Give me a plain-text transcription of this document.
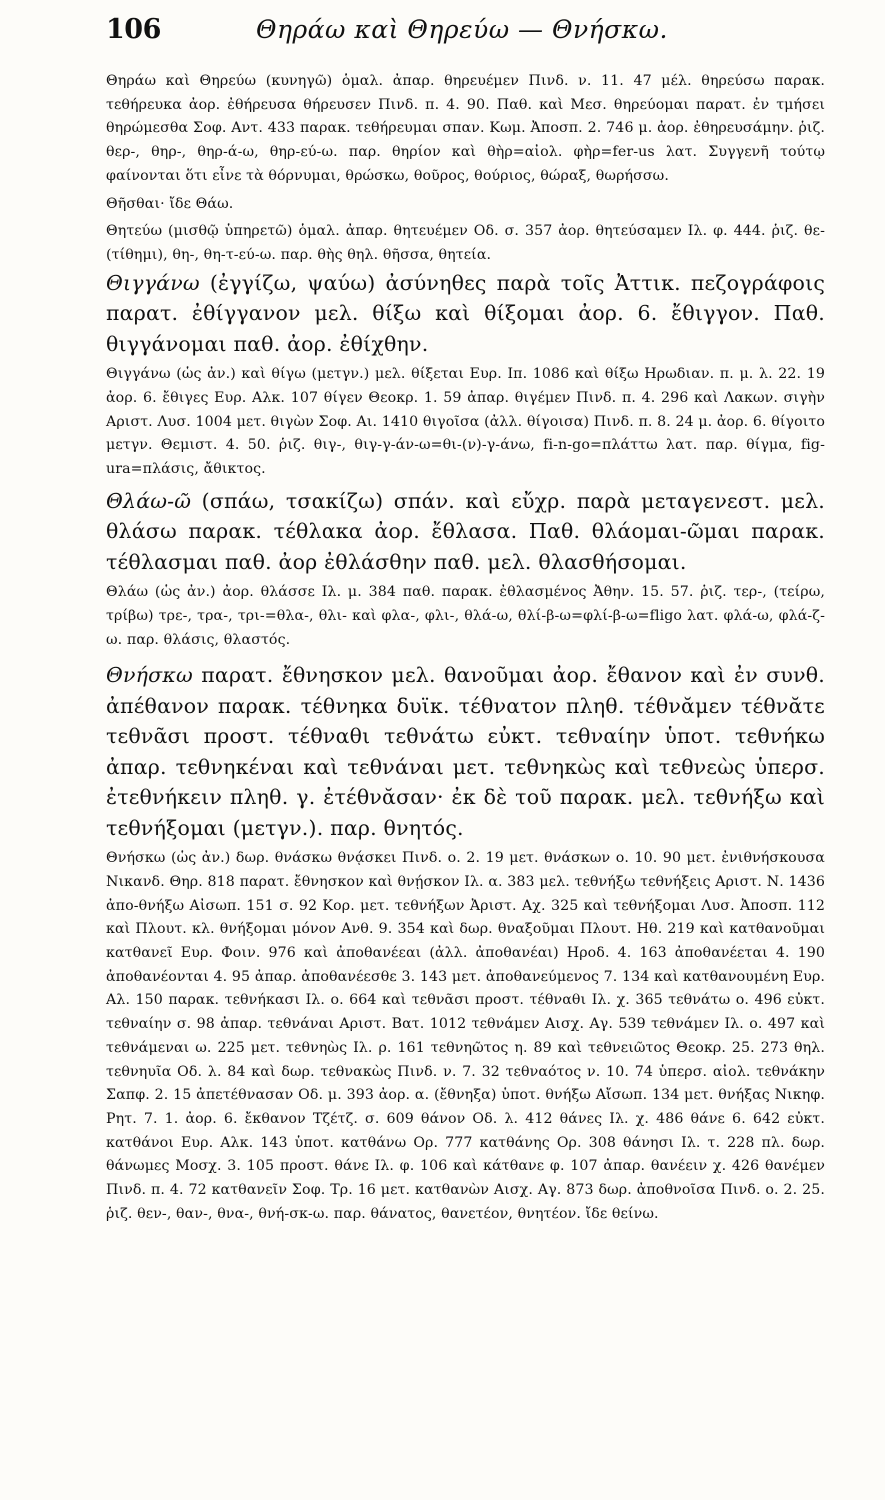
106	Θηράω καὶ Θηρεύω — Θνήσκω.

Θηράω καὶ Θηρεύω (κυνηγῶ) ὁμαλ. ἀπαρ. θηρευέμεν Πινδ. ν. 11. 47 μέλ. θηρεύσω παρακ. τεθήρευκα ἀορ. ἐθήρευσα θήρευσεν Πινδ. π. 4. 90. Παθ. καὶ Μεσ. θηρεύομαι παρατ. ἐν τμήσει θηρώμεσθα Σοφ. Αντ. 433 παρακ. τεθήρευμαι σπαν. Κωμ. Ἀποσπ. 2. 746 μ. ἀορ. ἐθηρευσάμην. ῥιζ. θερ-, θηρ-, θηρ-ά-ω, θηρ-εύ-ω. παρ. θηρίον καὶ θὴρ=αἰολ. φὴρ=fer-us λατ. Συγγενῆ τούτῳ φαίνονται ὅτι εἶνε τὰ θόρνυμαι, θρώσκω, θοῦρος, θούριος, θώραξ, θωρήσσω.

Θῆσθαι· ἴδε Θάω.

Θητεύω (μισθῷ ὑπηρετῶ) ὁμαλ. ἀπαρ. θητευέμεν Οδ. σ. 357 ἀορ. θητεύσαμεν Ιλ. φ. 444. ῥιζ. θε- (τίθημι), θη-, θη-τ-εύ-ω. παρ. θὴς θηλ. θῆσσα, θητεία.

Θιγγάνω (ἐγγίζω, ψαύω) ἀσύνηθες παρὰ τοῖς Ἀττικ. πεζογράφοις παρατ. ἐθίγγανον μελ. θίξω καὶ θίξομαι ἀορ. 6. ἔθιγγον. Παθ. θιγγάνομαι παθ. ἀορ. ἐθίχθην.

Θιγγάνω (ὡς ἀν.) καὶ θίγω (μετγν.) μελ. θίξεται Ευρ. Ιπ. 1086 καὶ θίξω Ηρωδιαν. π. μ. λ. 22. 19 ἀορ. 6. ἔθιγες Ευρ. Αλκ. 107 θίγεν Θεοκρ. 1. 59 ἀπαρ. θιγέμεν Πινδ. π. 4. 296 καὶ Λακων. σιγὴν Αριστ. Λυσ. 1004 μετ. θιγὼν Σοφ. Αι. 1410 θιγοῖσα (ἀλλ. θίγοισα) Πινδ. π. 8. 24 μ. ἀορ. 6. θίγοιτο μετγν. Θεμιστ. 4. 50. ῥιζ. θιγ-, θιγ-γ-άν-ω=θι-(ν)-γ-άνω, fi-n-go=πλάττω λατ. παρ. θίγμα, fig-ura=πλάσις, ἄθικτος.

Θλάω-ῶ (σπάω, τσακίζω) σπάν. καὶ εὔχρ. παρὰ μεταγενεστ. μελ. θλάσω παρακ. τέθλακα ἀορ. ἔθλασα. Παθ. θλάομαι-ῶμαι παρακ. τέθλασμαι παθ. ἀορ ἐθλάσθην παθ. μελ. θλασθήσομαι.

Θλάω (ὡς ἀν.) ἀορ. θλάσσε Ιλ. μ. 384 παθ. παρακ. ἐθλασμένος Ἀθην. 15. 57. ῥιζ. τερ-, (τείρω, τρίβω) τρε-, τρα-, τρι-=θλα-, θλι- καὶ φλα-, φλι-, θλά-ω, θλί-β-ω=φλί-β-ω=fligo λατ. φλά-ω, φλά-ζ-ω. παρ. θλάσις, θλαστός.

Θνήσκω παρατ. ἔθνησκον μελ. θανοῦμαι ἀορ. ἔθανον καὶ ἐν συνθ. ἀπέθανον παρακ. τέθνηκα δυϊκ. τέθνατον πληθ. τέθνᾰμεν τέθνᾰτε τεθνᾶσι προστ. τέθναθι τεθνάτω εὐκτ. τεθναίην ὑποτ. τεθνήκω ἀπαρ. τεθνηκέναι καὶ τεθνάναι μετ. τεθνηκὼς καὶ τεθνεὼς ὑπερσ. ἐτεθνήκειν πληθ. γ. ἐτέθνᾰσαν· ἐκ δὲ τοῦ παρακ. μελ. τεθνήξω καὶ τεθνήξομαι (μετγν.). παρ. θνητός.

Θνήσκω (ὡς ἀν.) δωρ. θνάσκω θνᾴσκει Πινδ. ο. 2. 19 μετ. θνάσκων ο. 10. 90 μετ. ἐνιθνήσκουσα Νικανδ. Θηρ. 818 παρατ. ἔθνησκον καὶ θνῄσκον Ιλ. α. 383 μελ. τεθνήξω τεθνήξεις Αριστ. Ν. 1436 ἀπο-θνήξω Αἰσωπ. 151 σ. 92 Κορ. μετ. τεθνήξων Ἀριστ. Αχ. 325 καὶ τεθνήξομαι Λυσ. Ἀποσπ. 112 καὶ Πλουτ. κλ. θνήξομαι μόνον Ανθ. 9. 354 καὶ δωρ. θναξοῦμαι Πλουτ. Ηθ. 219 καὶ κατθανοῦμαι κατθανεῖ Ευρ. Φοιν. 976 καὶ ἀποθανέεαι (ἀλλ. ἀποθανέαι) Ηροδ. 4. 163 ἀποθανέεται 4. 190 ἀποθανέονται 4. 95 ἀπαρ. ἀποθανέεσθε 3. 143 μετ. ἀποθανεύμενος 7. 134 καὶ κατθανουμένη Ευρ. Αλ. 150 παρακ. τεθνήκασι Ιλ. ο. 664 καὶ τεθνᾶσι προστ. τέθναθι Ιλ. χ. 365 τεθνάτω ο. 496 εὐκτ. τεθναίην σ. 98 ἀπαρ. τεθνάναι Αριστ. Βατ. 1012 τεθνάμεν Αισχ. Αγ. 539 τεθνάμεν Ιλ. ο. 497 καὶ τεθνάμεναι ω. 225 μετ. τεθνηὼς Ιλ. ρ. 161 τεθνηῶτος η. 89 καὶ τεθνειῶτος Θεοκρ. 25. 273 θηλ. τεθνηυῖα Οδ. λ. 84 καὶ δωρ. τεθνακὼς Πινδ. ν. 7. 32 τεθναότος ν. 10. 74 ὑπερσ. αἰολ. τεθνάκην Σαπφ. 2. 15 ἀπετέθνασαν Οδ. μ. 393 ἀορ. α. (ἔθνηξα) ὑποτ. θνήξω Αἴσωπ. 134 μετ. θνήξας Νικηφ. Ρητ. 7. 1. ἀορ. 6. ἔκθανον Τζέτζ. σ. 609 θάνον Οδ. λ. 412 θάνες Ιλ. χ. 486 θάνε 6. 642 εὐκτ. κατθάνοι Ευρ. Αλκ. 143 ὑποτ. κατθάνω Ορ. 777 κατθάνης Ορ. 308 θάνησι Ιλ. τ. 228 πλ. δωρ. θάνωμες Μοσχ. 3. 105 προστ. θάνε Ιλ. φ. 106 καὶ κάτθανε φ. 107 ἀπαρ. θανέειν χ. 426 θανέμεν Πινδ. π. 4. 72 κατθανεῖν Σοφ. Τρ. 16 μετ. κατθανὼν Αισχ. Αγ. 873 δωρ. ἀποθνοῖσα Πινδ. ο. 2. 25. ῥιζ. θεν-, θαν-, θνα-, θνή-σκ-ω. παρ. θάνατος, θανετέον, θνητέον. ἴδε θείνω.
